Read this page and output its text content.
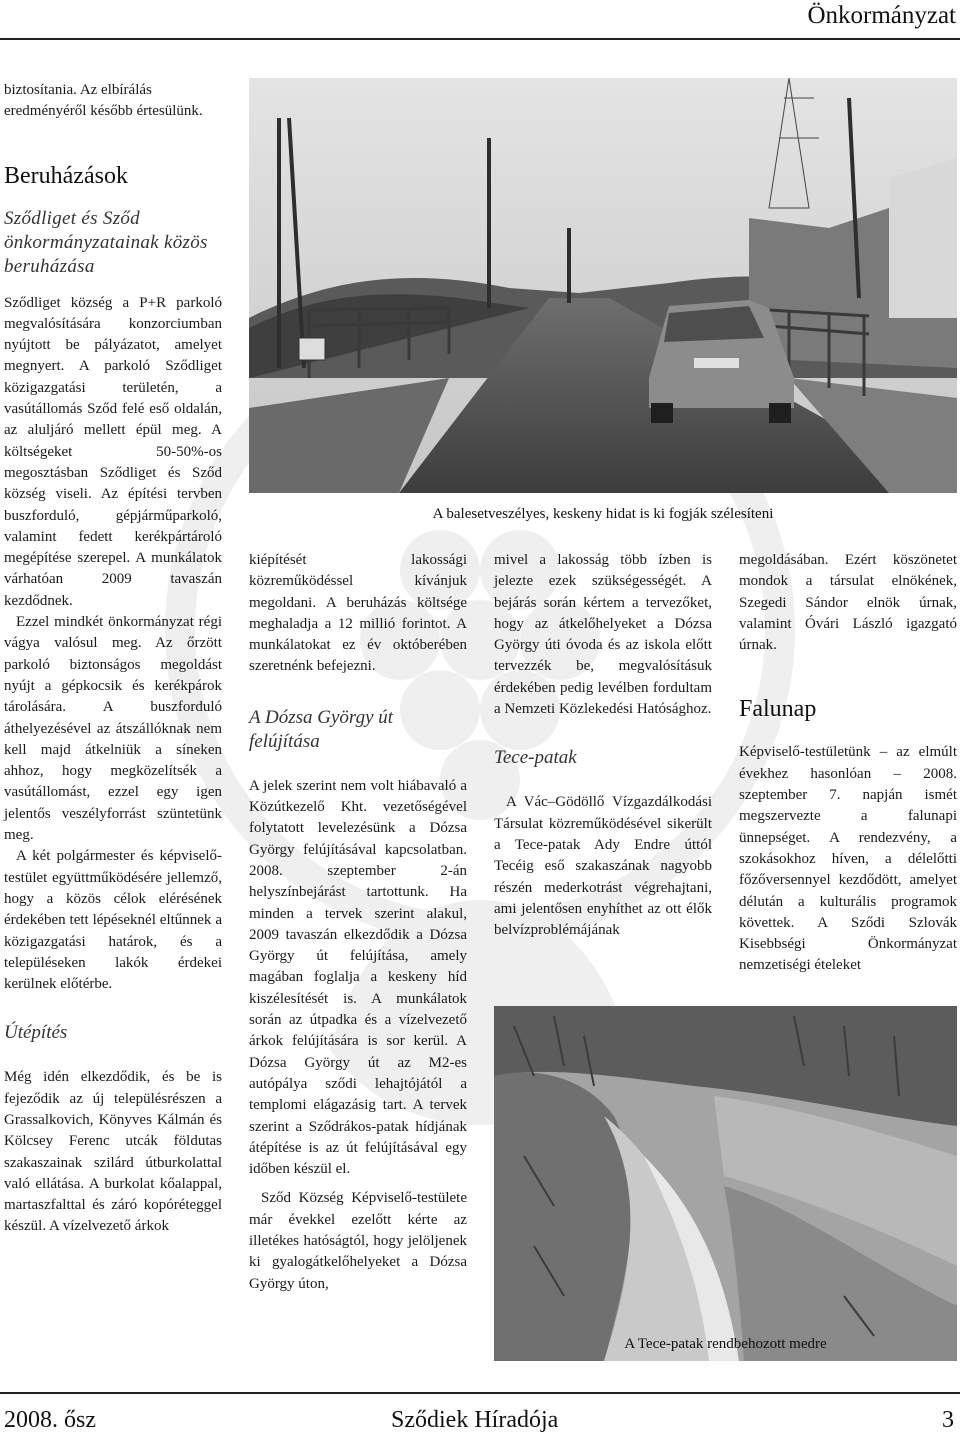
Önkormányzat

biztosítania. Az elbírálás eredményéről később értesülünk.

Beruházások
Sződliget és Sződ önkormányzatainak közös beruházása

Sződliget község a P+R parkoló megvalósítására konzorciumban nyújtott be pályázatot, amelyet megnyert. A parkoló Sződliget közigazgatási területén, a vasútállomás Sződ felé eső oldalán, az aluljáró mellett épül meg. A költségeket 50-50%-os megosztásban Sződliget és Sződ község viseli. Az építési tervben buszforduló, gépjárműparkoló, valamint fedett kerékpártároló megépítése szerepel. A munkálatok várhatóan 2009 tavaszán kezdődnek.

Ezzel mindkét önkormányzat régi vágya valósul meg. Az őrzött parkoló biztonságos megoldást nyújt a gépkocsik és kerékpárok tárolására. A buszforduló áthelyezésével az átszállóknak nem kell majd átkelniük a síneken ahhoz, hogy megközelítsék a vasútállomást, ezzel egy igen jelentős veszélyforrást szüntetünk meg.

A két polgármester és képviselő-testület együttműködésére jellemző, hogy a közös célok elérésének érdekében tett lépéseknél eltűnnek a közigazgatási határok, és a településeken lakók érdekei kerülnek előtérbe.

Útépítés

Még idén elkezdődik, és be is fejeződik az új településrészen a Grassalkovich, Könyves Kálmán és Kölcsey Ferenc utcák földutas szakaszainak szilárd útburkolattal való ellátása. A burkolat kőalappal, martaszfalttal és záró kopóréteggel készül. A vízelvezető árkok

A balesetveszélyes, keskeny hidat is ki fogják szélesíteni

kiépítését lakossági közreműködéssel kívánjuk megoldani. A beruházás költsége meghaladja a 12 millió forintot. A munkálatokat ez év októberében szeretnénk befejezni.

A Dózsa György út felújítása

A jelek szerint nem volt hiábavaló a Közútkezelő Kht. vezetőségével folytatott levelezésünk a Dózsa György felújításával kapcsolatban. 2008. szeptember 2-án helyszínbejárást tartottunk. Ha minden a tervek szerint alakul, 2009 tavaszán elkezdődik a Dózsa György út felújítása, amely magában foglalja a keskeny híd kiszélesítését is. A munkálatok során az útpadka és a vízelvezető árkok felújítására is sor kerül. A Dózsa György út az M2-es autópálya sződi lehajtójától a templomi elágazásig tart. A tervek szerint a Sződrákos-patak hídjának átépítése is az út felújításával egy időben készül el.

Sződ Község Képviselő-testülete már évekkel ezelőtt kérte az illetékes hatóságtól, hogy jelöljenek ki gyalogátkelőhelyeket a Dózsa György úton,

mivel a lakosság több ízben is jelezte ezek szükségességét. A bejárás során kértem a tervezőket, hogy az átkelőhelyeket a Dózsa György úti óvoda és az iskola előtt tervezzék be, megvalósításuk érdekében pedig levélben fordultam a Nemzeti Közlekedési Hatósághoz.

Tece-patak

A Vác–Gödöllő Vízgazdálkodási Társulat közreműködésével sikerült a Tece-patak Ady Endre úttól Tecéig eső szakaszának nagyobb részén mederkotrást végrehajtani, ami jelentősen enyhíthet az ott élők belvízproblémájának

megoldásában. Ezért köszönetet mondok a társulat elnökének, Szegedi Sándor elnök úrnak, valamint Óvári László igazgató úrnak.

Falunap

Képviselő-testületünk – az elmúlt évekhez hasonlóan – 2008. szeptember 7. napján ismét megszervezte a falunapi ünnepséget. A rendezvény, a szokásokhoz híven, a délelőtti főzőversennyel kezdődött, amelyet délután a kulturális programok követtek. A Sződi Szlovák Kisebbségi Önkormányzat nemzetiségi ételeket

A Tece-patak rendbehozott medre
2008. ősz	Sződiek Híradója	3
